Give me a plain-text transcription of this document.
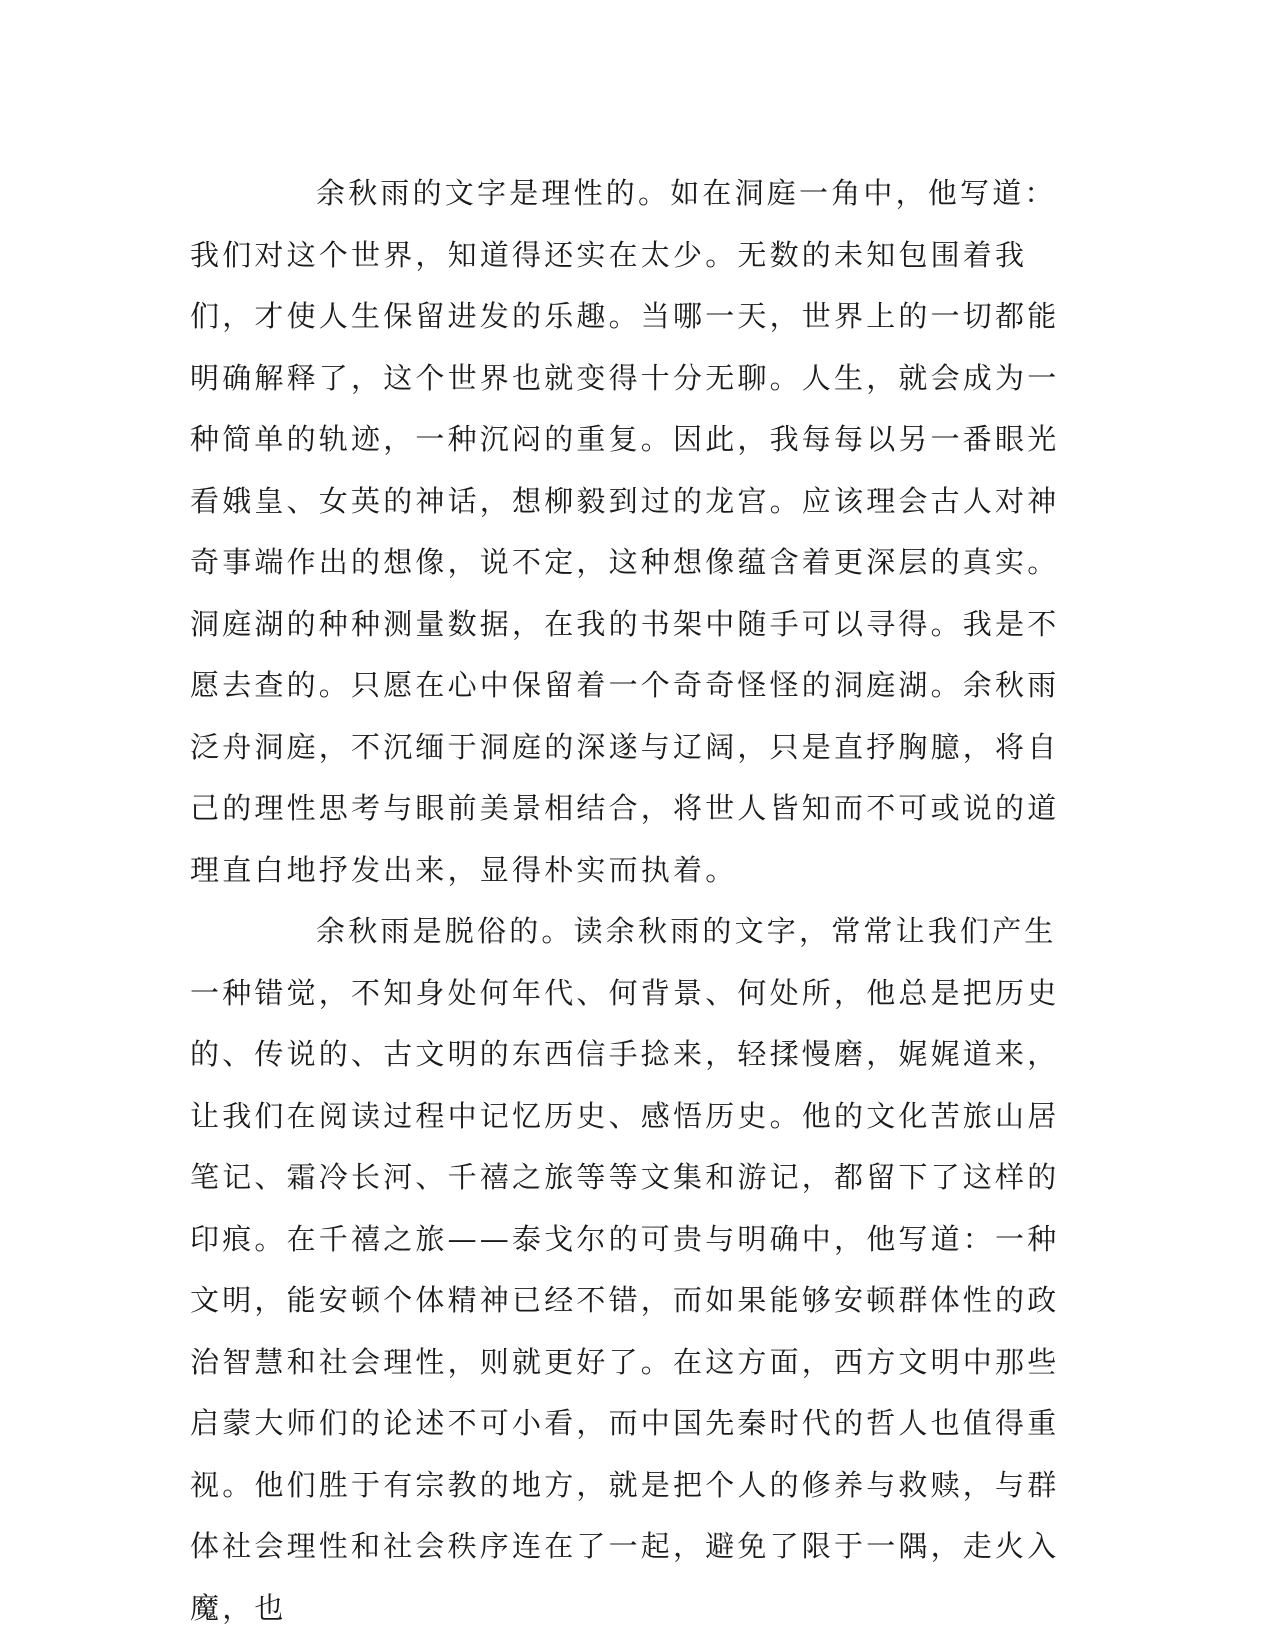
余秋雨的文字是理性的。如在洞庭一角中，他写道：我们对这个世界，知道得还实在太少。无数的未知包围着我们，才使人生保留进发的乐趣。当哪一天，世界上的一切都能明确解释了，这个世界也就变得十分无聊。人生，就会成为一种简单的轨迹，一种沉闷的重复。因此，我每每以另一番眼光看娥皇、女英的神话，想柳毅到过的龙宫。应该理会古人对神奇事端作出的想像，说不定，这种想像蕴含着更深层的真实。洞庭湖的种种测量数据，在我的书架中随手可以寻得。我是不愿去查的。只愿在心中保留着一个奇奇怪怪的洞庭湖。余秋雨泛舟洞庭，不沉缅于洞庭的深遂与辽阔，只是直抒胸臆，将自己的理性思考与眼前美景相结合，将世人皆知而不可或说的道理直白地抒发出来，显得朴实而执着。

余秋雨是脱俗的。读余秋雨的文字，常常让我们产生一种错觉，不知身处何年代、何背景、何处所，他总是把历史的、传说的、古文明的东西信手捻来，轻揉慢磨，娓娓道来，让我们在阅读过程中记忆历史、感悟历史。他的文化苦旅山居笔记、霜冷长河、千禧之旅等等文集和游记，都留下了这样的印痕。在千禧之旅——泰戈尔的可贵与明确中，他写道：一种文明，能安顿个体精神已经不错，而如果能够安顿群体性的政治智慧和社会理性，则就更好了。在这方面，西方文明中那些启蒙大师们的论述不可小看，而中国先秦时代的哲人也值得重视。他们胜于有宗教的地方，就是把个人的修养与救赎，与群体社会理性和社会秩序连在了一起，避免了限于一隅，走火入魔，也
